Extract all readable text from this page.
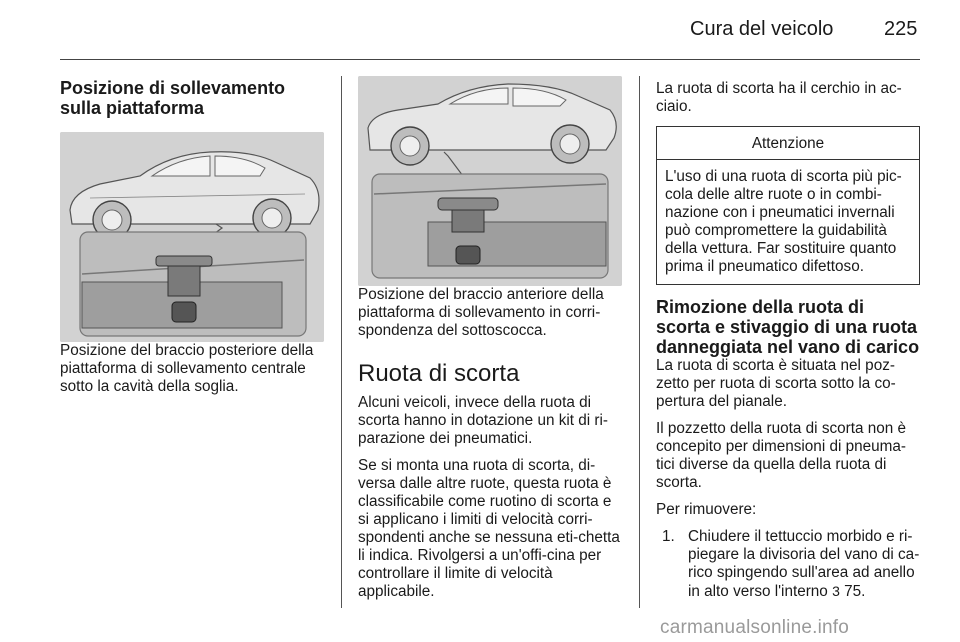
Cura del veicolo	225
Posizione di sollevamento sulla piattaforma

Posizione del braccio posteriore della piattaforma di sollevamento centrale sotto la cavità della soglia.

Posizione del braccio anteriore della piattaforma di sollevamento in corri-spondenza del sottoscocca.

Ruota di scorta

Alcuni veicoli, invece della ruota di scorta hanno in dotazione un kit di ri-parazione dei pneumatici.

Se si monta una ruota di scorta, di-versa dalle altre ruote, questa ruota è classificabile come ruotino di scorta e si applicano i limiti di velocità corri-spondenti anche se nessuna eti-chetta li indica. Rivolgersi a un'offi-cina per controllare il limite di velocità applicabile.

La ruota di scorta ha il cerchio in ac-ciaio.

Attenzione
L'uso di una ruota di scorta più pic-cola delle altre ruote o in combi-nazione con i pneumatici invernali può compromettere la guidabilità della vettura. Far sostituire quanto prima il pneumatico difettoso.
Rimozione della ruota di scorta e stivaggio di una ruota danneggiata nel vano di carico

La ruota di scorta è situata nel poz-zetto per ruota di scorta sotto la co-pertura del pianale.

Il pozzetto della ruota di scorta non è concepito per dimensioni di pneuma-tici diverse da quella della ruota di scorta.

Per rimuovere:

1. Chiudere il tettuccio morbido e ri-piegare la divisoria del vano di ca-rico spingendo sull'area ad anello in alto verso l'interno 3 75.
carmanualsonline.info
